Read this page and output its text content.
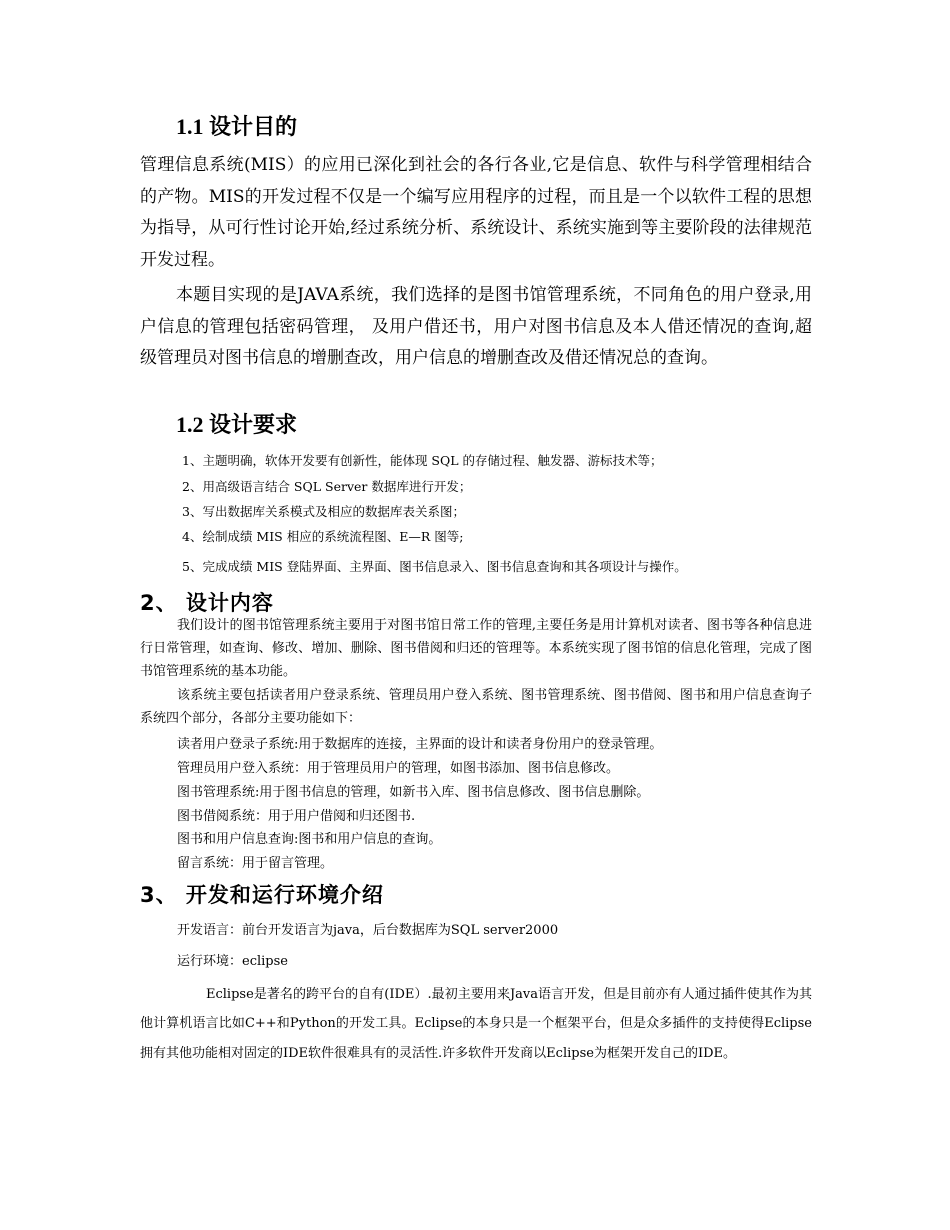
1.1 设计目的

管理信息系统(MIS）的应用已深化到社会的各行各业,它是信息、软件与科学管理相结合的产物。MIS的开发过程不仅是一个编写应用程序的过程，而且是一个以软件工程的思想为指导，从可行性讨论开始,经过系统分析、系统设计、系统实施到等主要阶段的法律规范开发过程。

本题目实现的是JAVA系统，我们选择的是图书馆管理系统，不同角色的用户登录,用户信息的管理包括密码管理， 及用户借还书，用户对图书信息及本人借还情况的查询,超级管理员对图书信息的增删查改，用户信息的增删查改及借还情况总的查询。

1.2 设计要求

1、主题明确，软体开发要有创新性，能体现 SQL 的存储过程、触发器、游标技术等；

2、用高级语言结合 SQL Server 数据库进行开发；

3、写出数据库关系模式及相应的数据库表关系图；

4、绘制成绩 MIS 相应的系统流程图、E—R 图等;

5、完成成绩 MIS 登陆界面、主界面、图书信息录入、图书信息查询和其各项设计与操作。

2、 设计内容

我们设计的图书馆管理系统主要用于对图书馆日常工作的管理,主要任务是用计算机对读者、图书等各种信息进行日常管理，如查询、修改、增加、删除、图书借阅和归还的管理等。本系统实现了图书馆的信息化管理，完成了图书馆管理系统的基本功能。

该系统主要包括读者用户登录系统、管理员用户登入系统、图书管理系统、图书借阅、图书和用户信息查询子系统四个部分，各部分主要功能如下：

读者用户登录子系统:用于数据库的连接，主界面的设计和读者身份用户的登录管理。

管理员用户登入系统：用于管理员用户的管理，如图书添加、图书信息修改。

图书管理系统:用于图书信息的管理，如新书入库、图书信息修改、图书信息删除。

图书借阅系统：用于用户借阅和归还图书.

图书和用户信息查询:图书和用户信息的查询。

留言系统：用于留言管理。

3、 开发和运行环境介绍

开发语言：前台开发语言为java，后台数据库为SQL server2000

运行环境：eclipse

Eclipse是著名的跨平台的自有(IDE）.最初主要用来Java语言开发，但是目前亦有人通过插件使其作为其他计算机语言比如C++和Python的开发工具。Eclipse的本身只是一个框架平台，但是众多插件的支持使得Eclipse拥有其他功能相对固定的IDE软件很难具有的灵活性.许多软件开发商以Eclipse为框架开发自己的IDE。
